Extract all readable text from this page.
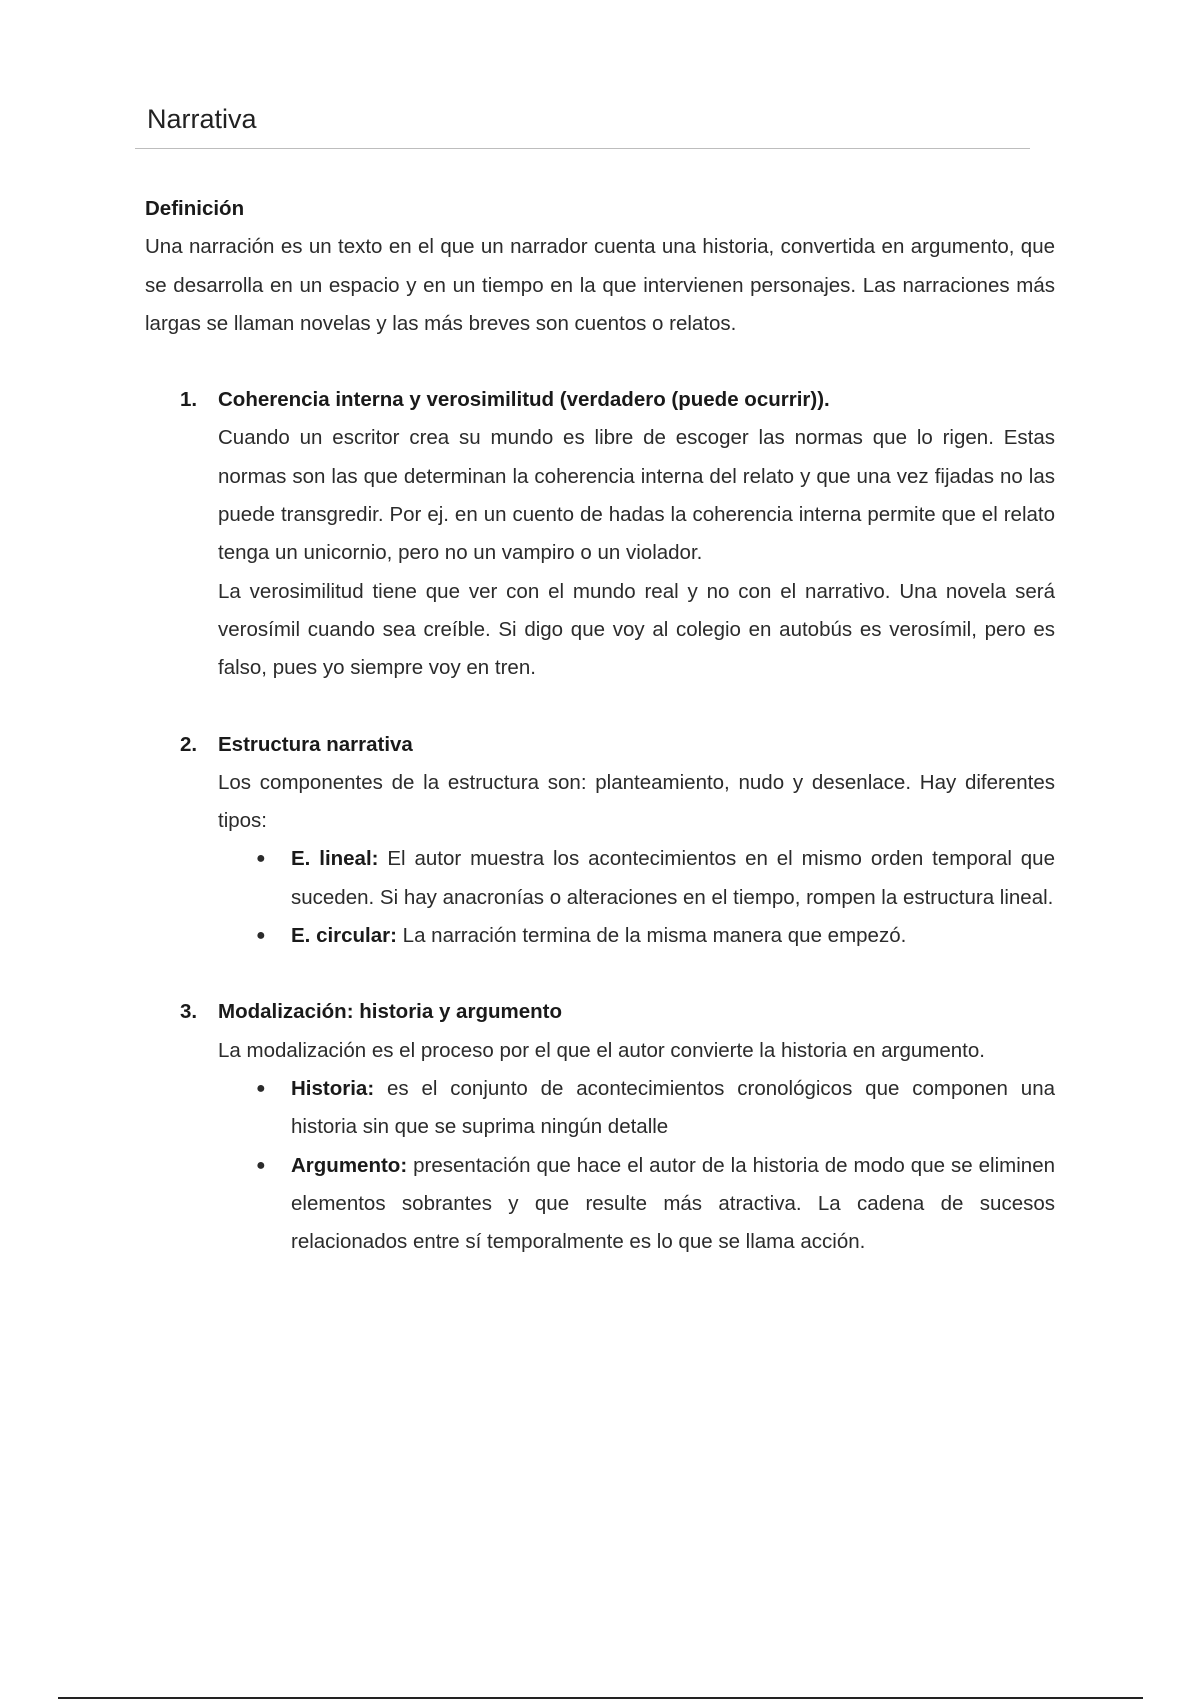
Narrativa

Definición

Una narración es un texto en el que un narrador cuenta una historia, convertida en argumento, que se desarrolla en un espacio y en un tiempo en la que intervienen personajes. Las narraciones más largas se llaman novelas y las más breves son cuentos o relatos.

1. Coherencia interna y verosimilitud (verdadero (puede ocurrir)).

Cuando un escritor crea su mundo es libre de escoger las normas que lo rigen. Estas normas son las que determinan la coherencia interna del relato y que una vez fijadas no las puede transgredir. Por ej. en un cuento de hadas la coherencia interna permite que el relato tenga un unicornio, pero no un vampiro o un violador.

La verosimilitud tiene que ver con el mundo real y no con el narrativo. Una novela será verosímil cuando sea creíble. Si digo que voy al colegio en autobús es verosímil, pero es falso, pues yo siempre voy en tren.

2. Estructura narrativa

Los componentes de la estructura son: planteamiento, nudo y desenlace. Hay diferentes tipos:

● E. lineal: El autor muestra los acontecimientos en el mismo orden temporal que suceden. Si hay anacronías o alteraciones en el tiempo, rompen la estructura lineal.
● E. circular: La narración termina de la misma manera que empezó.

3. Modalización: historia y argumento

La modalización es el proceso por el que el autor convierte la historia en argumento.

● Historia: es el conjunto de acontecimientos cronológicos que componen una historia sin que se suprima ningún detalle
● Argumento: presentación que hace el autor de la historia de modo que se eliminen elementos sobrantes y que resulte más atractiva. La cadena de sucesos relacionados entre sí temporalmente es lo que se llama acción.
